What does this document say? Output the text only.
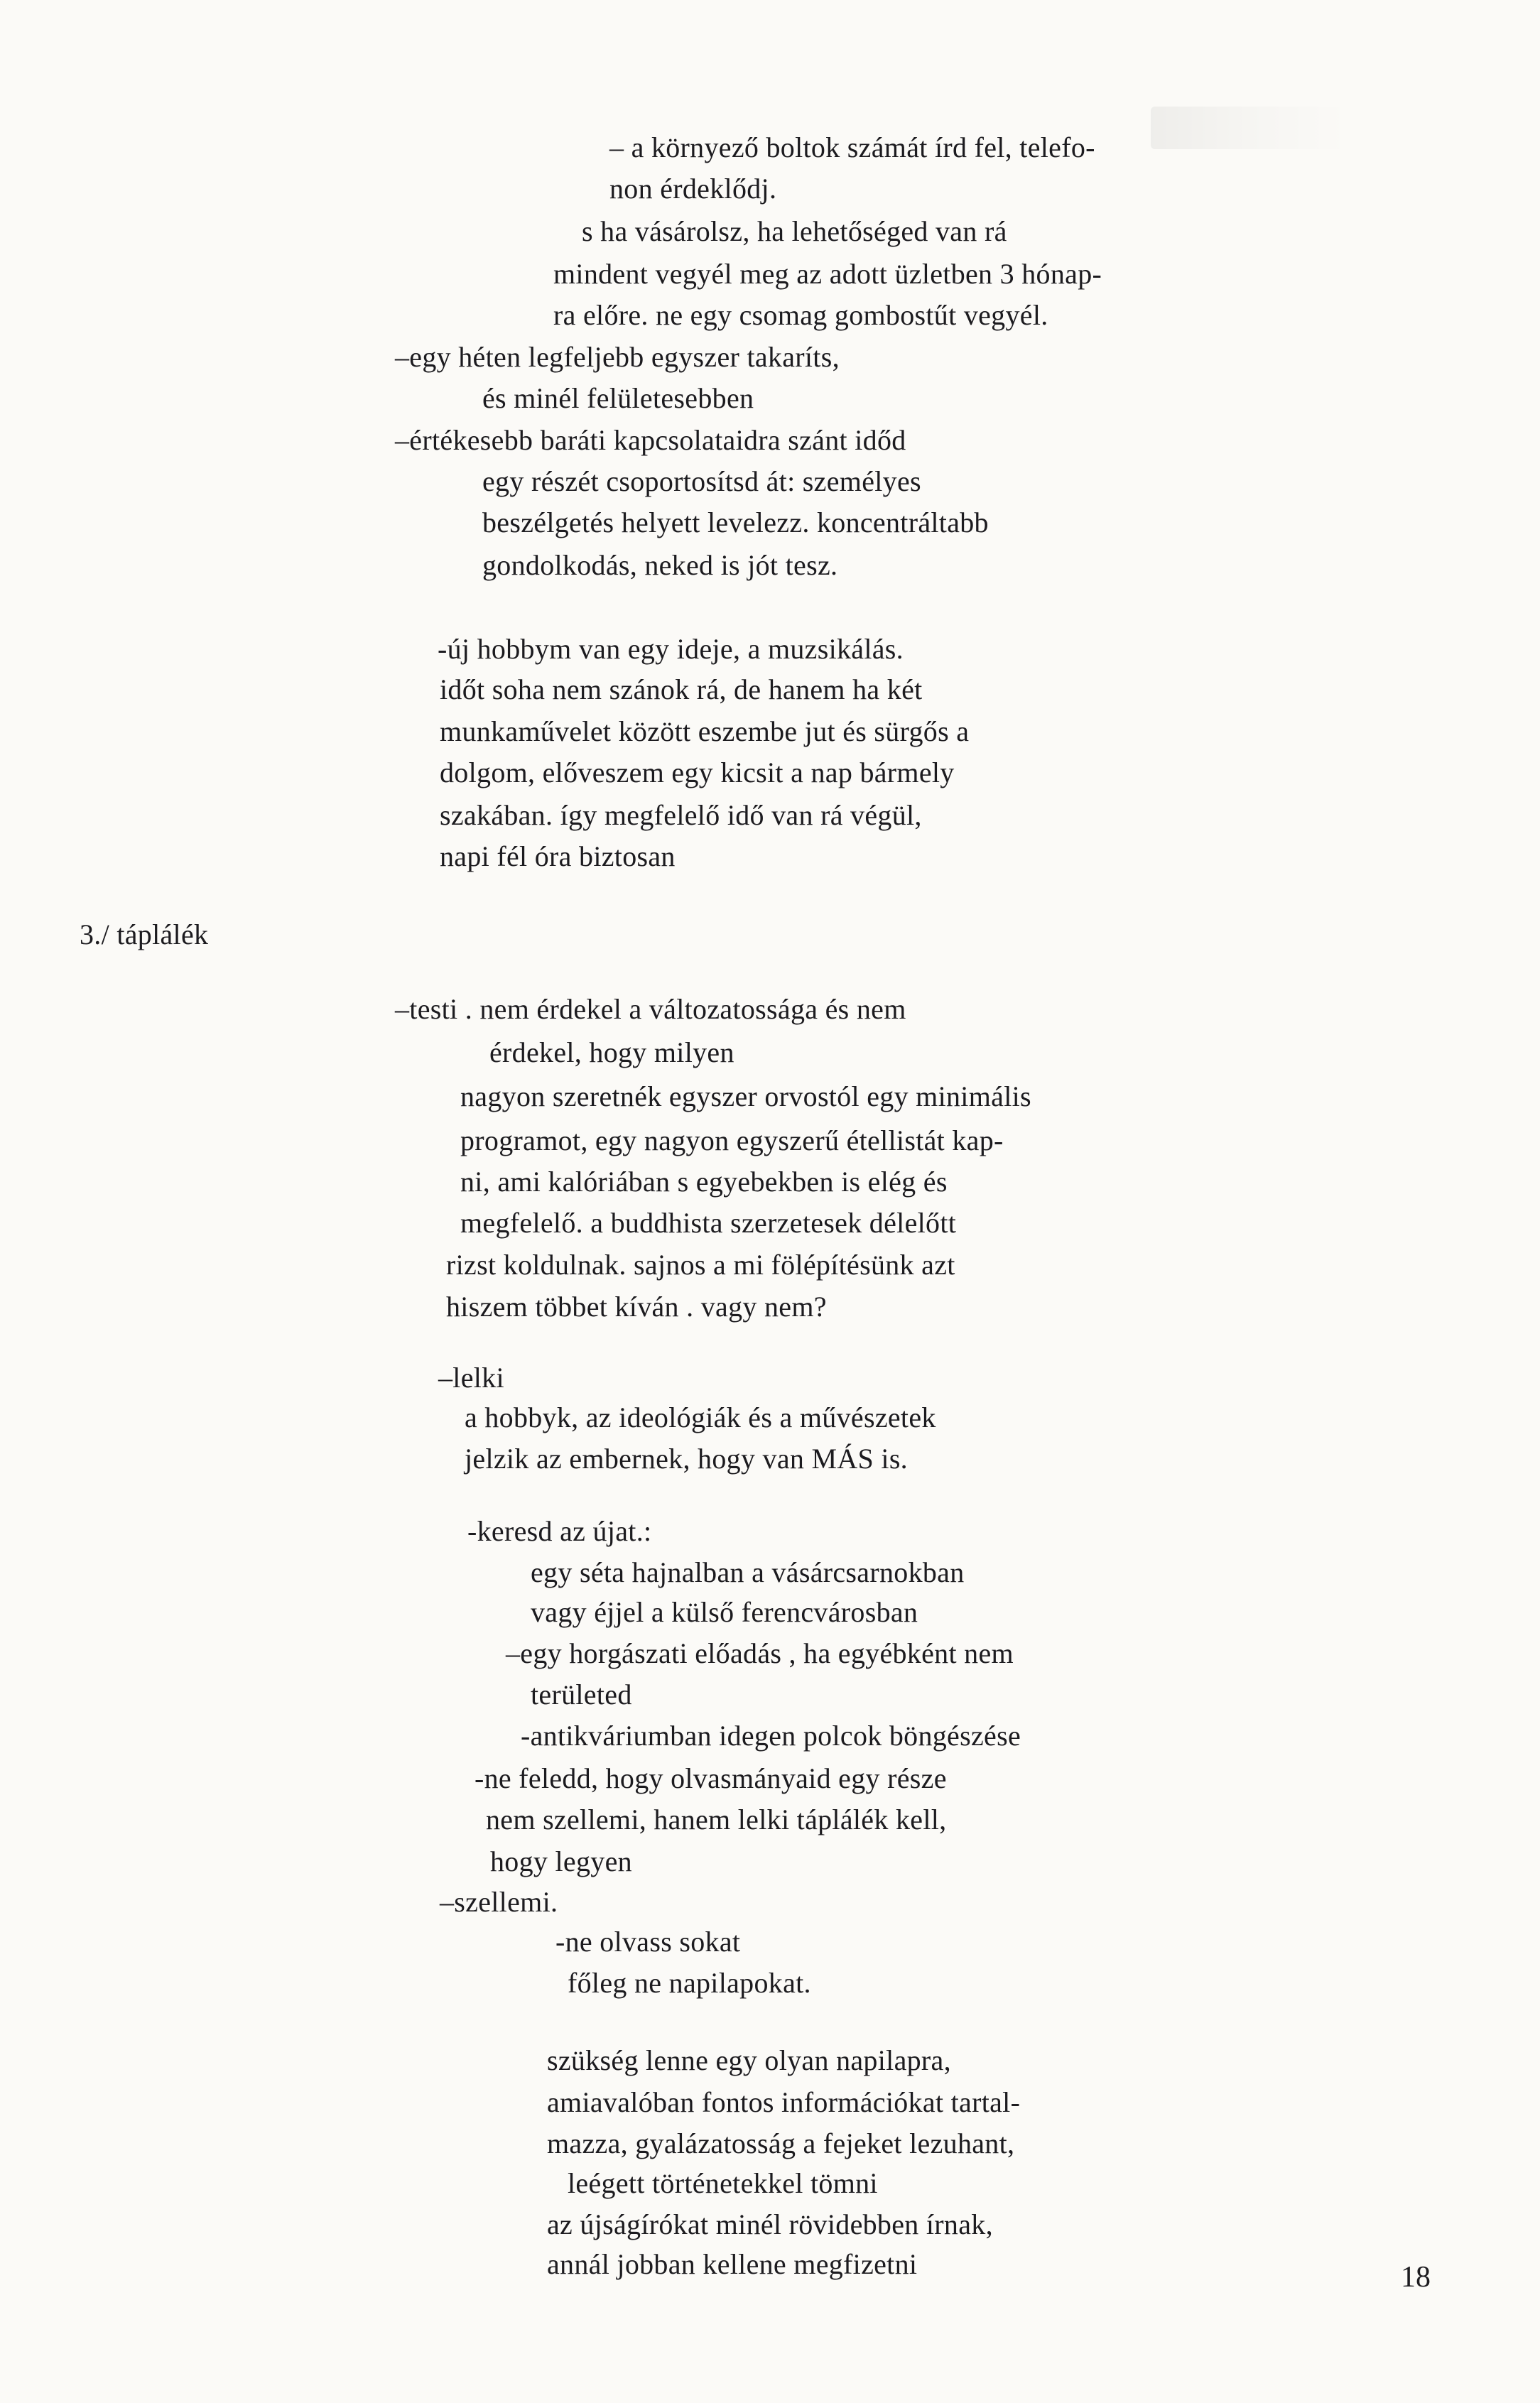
– a környező boltok számát írd fel, telefo-
non érdeklődj.
s ha vásárolsz, ha lehetőséged van rá
mindent vegyél meg az adott üzletben 3 hónap-
ra előre. ne egy csomag gombostűt vegyél.
–egy héten legfeljebb egyszer takaríts,
és minél felületesebben
–értékesebb baráti kapcsolataidra szánt időd
egy részét csoportosítsd át: személyes
beszélgetés helyett levelezz. koncentráltabb
gondolkodás, neked is jót tesz.
-új hobbym van egy ideje, a muzsikálás.
időt soha nem szánok rá, de hanem ha két
munkaművelet között eszembe jut és sürgős a
dolgom, előveszem egy kicsit a nap bármely
szakában. így megfelelő idő van rá végül,
napi fél óra biztosan
3./ táplálék
–testi . nem érdekel a változatossága és nem
érdekel, hogy milyen
nagyon szeretnék egyszer orvostól egy minimális
programot, egy nagyon egyszerű étellistát kap-
ni, ami kalóriában s egyebekben is elég és
megfelelő. a buddhista szerzetesek délelőtt
rizst koldulnak. sajnos a mi fölépítésünk azt
hiszem többet kíván . vagy nem?
–lelki
a hobbyk, az ideológiák és a művészetek
jelzik az embernek, hogy van MÁS is.
-keresd az újat.:
egy séta hajnalban a vásárcsarnokban
vagy éjjel a külső ferencvárosban
–egy horgászati előadás , ha egyébként nem
területed
-antikváriumban idegen polcok böngészése
-ne feledd, hogy olvasmányaid egy része
nem szellemi, hanem lelki táplálék kell,
hogy legyen
–szellemi.
-ne olvass sokat
főleg ne napilapokat.
szükség lenne egy olyan napilapra,
amiavalóban fontos információkat tartal-
mazza, gyalázatosság a fejeket lezuhant,
leégett történetekkel tömni
az újságírókat minél rövidebben írnak,
annál jobban kellene megfizetni	18
